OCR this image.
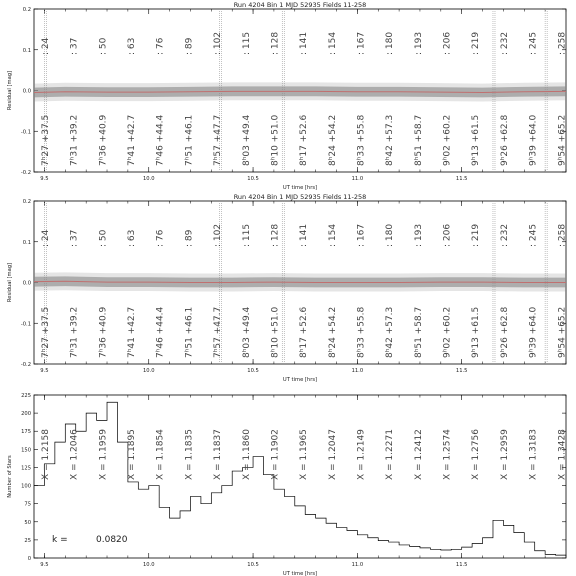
Run 4204 Bin 1 MJD 52935 Fields 11-258
0.2
0.1
0.0
-0.1
-0.2
9.5	10.0	10.5	11.0	11.5
UT time [hrs]
Residual [mag]
: 24 : 37 : 50 : 63 : 76 : 89 : 102 : 115 : 128 : 141 : 154 : 167 : 180 : 193 : 206 : 219 : 232 : 245 : 258
7ʰ27 +37.5 7ʰ31 +39.2 7ʰ36 +40.9 7ʰ41 +42.7 7ʰ46 +44.4 7ʰ51 +46.1 7ʰ57 +47.7 8ʰ03 +49.4 8ʰ10 +51.0 8ʰ17 +52.6 8ʰ24 +54.2 8ʰ33 +55.8 8ʰ42 +57.3 8ʰ51 +58.7 9ʰ02 +60.2 9ʰ13 +61.5 9ʰ26 +62.8 9ʰ39 +64.0 9ʰ54 +65.2
Run 4204 Bin 1 MJD 52935 Fields 11-258
0.2
0.1
0.0
-0.1
-0.2
9.5	10.0	10.5	11.0	11.5
UT time [hrs]
Residual [mag]
: 24 : 37 : 50 : 63 : 76 : 89 : 102 : 115 : 128 : 141 : 154 : 167 : 180 : 193 : 206 : 219 : 232 : 245 : 258
7ʰ27 +37.5 7ʰ31 +39.2 7ʰ36 +40.9 7ʰ41 +42.7 7ʰ46 +44.4 7ʰ51 +46.1 7ʰ57 +47.7 8ʰ03 +49.4 8ʰ10 +51.0 8ʰ17 +52.6 8ʰ24 +54.2 8ʰ33 +55.8 8ʰ42 +57.3 8ʰ51 +58.7 9ʰ02 +60.2 9ʰ13 +61.5 9ʰ26 +62.8 9ʰ39 +64.0 9ʰ54 +65.2
0
25
50
75
100
125
150
175
200
225
9.5	10.0	10.5	11.0	11.5
UT time [hrs]
Number of Stars	X = 1.2158 X = 1.2046 X = 1.1959 X = 1.1895 X = 1.1854 X = 1.1835 X = 1.1837 X = 1.1860 X = 1.1902 X = 1.1965 X = 1.2047 X = 1.2149 X = 1.2271 X = 1.2412 X = 1.2574 X = 1.2756 X = 1.2959 X = 1.3183 X = 1.3428
k =	0.0820
